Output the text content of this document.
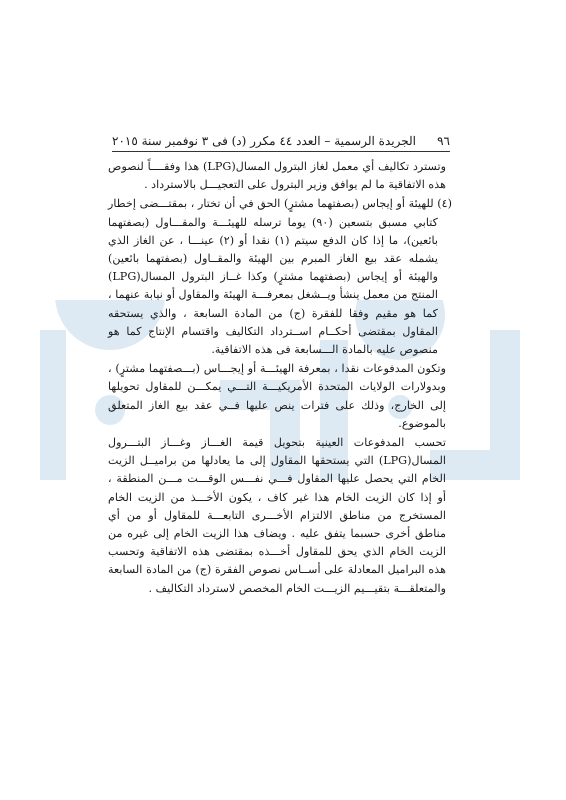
٩٦
الجريدة الرسمية – العدد ٤٤ مكرر (د) فى ٣ نوفمبر سنة ٢٠١٥

وتسترد تكاليف أي معمل لغاز البترول المسال(LPG) هذا وفقــــاً لنصوص هذه الاتفاقية ما لم يوافق وزير البترول على التعجيـــل بالاسترداد .

(٤) للهيئة أو إيجاس (بصفتهما مشترٍ) الحق في أن تختار ، بمقتـــضى إخطار كتابي مسبق بتسعين (٩٠) يوما ترسله للهيئـــة والمقـــاول (بصفتهما بائعين)، ما إذا كان الدفع سيتم (١) نقدا أو (٢) عينـــا ، عن الغاز الذي يشمله عقد بيع الغاز المبرم بين الهيئة والمقــاول (بصفتهما بائعين) والهيئة أو إيجاس (بصفتهما مشترٍ) وكذا غــاز البترول المسال(LPG) المنتج من معمل ينشأ ويــشغل بمعرفـــة الهيئة والمقاول أو نيابة عنهما ، كما هو مقيم وفقا للفقرة (ج) من المادة السابعة ، والذي يستحقه المقاول بمقتضى أحكــام اســترداد التكاليف واقتسام الإنتاج كما هو منصوص عليه بالمادة الـــسابعة فى هذه الاتفاقية.

وتكون المدفوعات نقدا ، بمعرفة الهيئـــة أو إيجـــاس (بـــصفتهما مشترٍ) ، وبدولارات الولايات المتحدة الأمريكيـــة التـــي يمكـــن للمقاول تحويلها إلى الخارج، وذلك على فترات ينص عليها فــي عقد بيع الغاز المتعلق بالموضوع.

تحسب المدفوعات العينية بتحويل قيمة الغـــاز وغـــاز البتـــرول المسال(LPG) التي يستحقها المقاول إلى ما يعادلها من براميــل الزيت الخام التي يحصل عليها المقاول فـــي نفـــس الوقـــت مـــن المنطقة ، أو إذا كان الزيت الخام هذا غير كاف ، يكون الأخـــذ من الزيت الخام المستخرج من مناطق الالتزام الأخـــرى التابعـــة للمقاول أو من أي مناطق أخرى حسبما يتفق عليه . ويضاف هذا الزيت الخام إلى غيره من الزيت الخام الذي يحق للمقاول أخـــذه بمقتضى هذه الاتفاقية وتحسب هذه البراميل المعادلة على أســاس نصوص الفقرة (ج) من المادة السابعة والمتعلقـــة بتقيـــيم الزيـــت الخام المخصص لاسترداد التكاليف .
